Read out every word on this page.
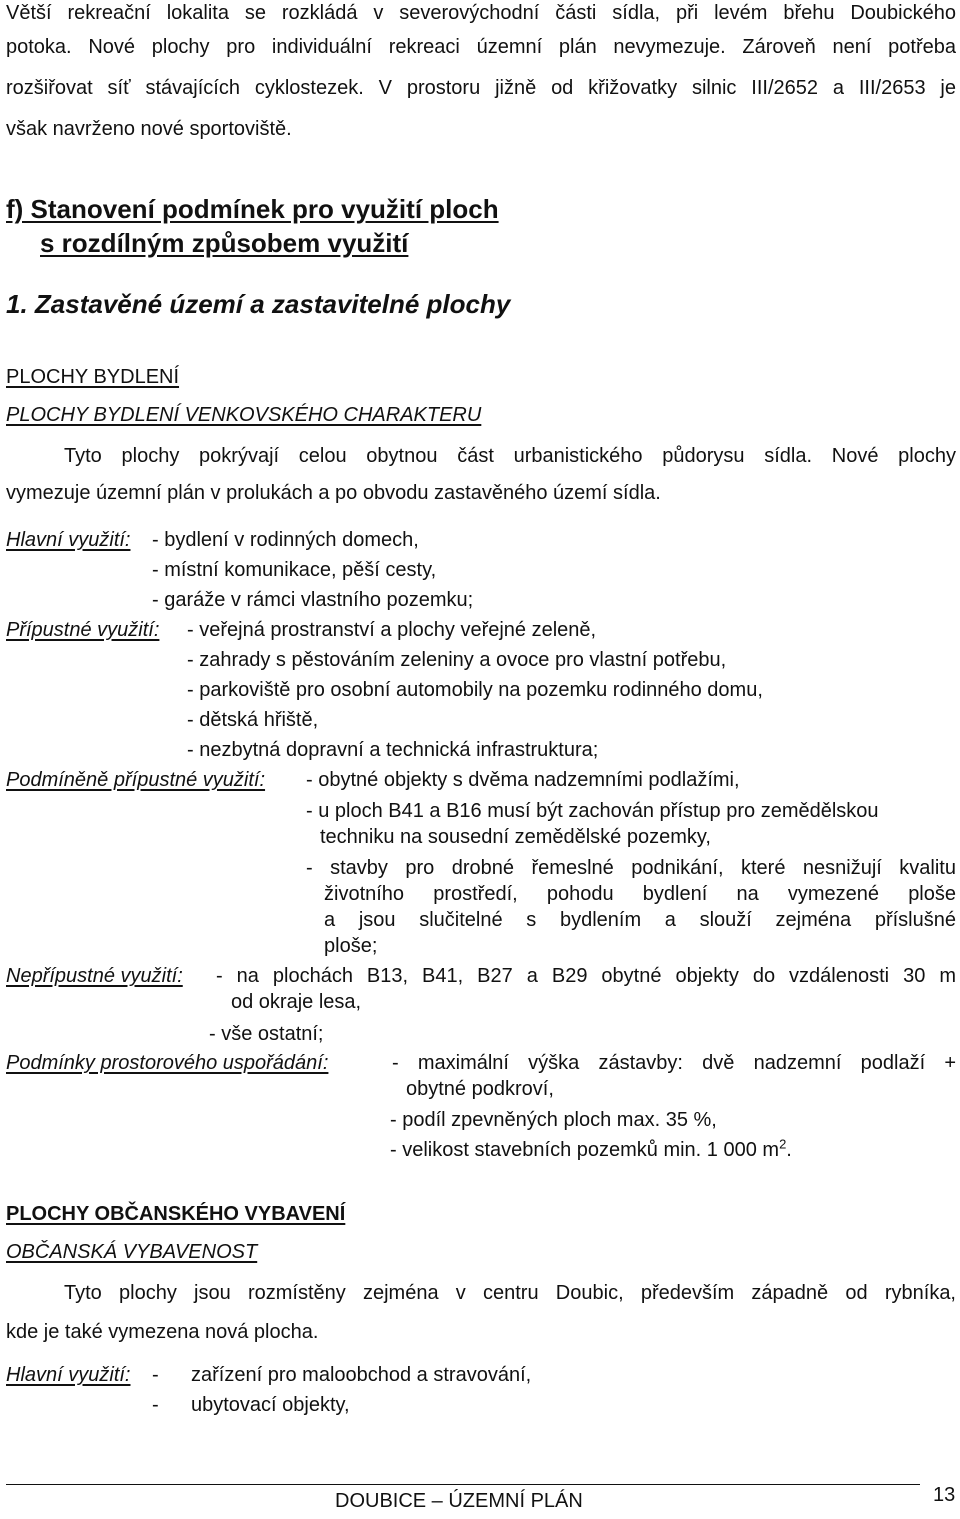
Větší rekreační lokalita se rozkládá v severovýchodní části sídla, při levém břehu Doubického
potoka. Nové plochy pro individuální rekreaci územní plán nevymezuje. Zároveň není potřeba
rozšiřovat síť stávajících cyklostezek. V prostoru jižně od křižovatky silnic III/2652 a III/2653 je
však navrženo nové sportoviště.
f) Stanovení podmínek pro využití ploch
s rozdílným způsobem využití
1. Zastavěné území a zastavitelné plochy
PLOCHY BYDLENÍ
PLOCHY BYDLENÍ VENKOVSKÉHO CHARAKTERU
Tyto plochy pokrývají celou obytnou část urbanistického půdorysu sídla. Nové plochy
vymezuje územní plán v prolukách a po obvodu zastavěného území sídla.
Hlavní využití: - bydlení v rodinných domech,
- místní komunikace, pěší cesty,
- garáže v rámci vlastního pozemku;
Přípustné využití: - veřejná prostranství a plochy veřejné zeleně,
- zahrady s pěstováním zeleniny a ovoce pro vlastní potřebu,
- parkoviště pro osobní automobily na pozemku rodinného domu,
- dětská hřiště,
- nezbytná dopravní a technická infrastruktura;
Podmíněně přípustné využití: - obytné objekty s dvěma nadzemními podlažími,
- u ploch B41 a B16 musí být zachován přístup pro zemědělskou
techniku na sousední zemědělské pozemky,
- stavby pro drobné řemeslné podnikání, které nesnižují kvalitu
životního prostředí, pohodu bydlení na vymezené ploše
a jsou slučitelné s bydlením a slouží zejména příslušné
ploše;
Nepřípustné využití: - na plochách B13, B41, B27 a B29 obytné objekty do vzdálenosti 30 m
od okraje lesa,
- vše ostatní;
Podmínky prostorového uspořádání:	- maximální výška zástavby: dvě nadzemní podlaží +
obytné podkroví,
- podíl zpevněných ploch max. 35 %,
- velikost stavebních pozemků min. 1 000 $m^2$.
PLOCHY OBČANSKÉHO VYBAVENÍ
OBČANSKÁ VYBAVENOST
Tyto plochy jsou rozmístěny zejména v centru Doubic, především západně od rybníka,
kde je také vymezena nová plocha.
Hlavní využití: - zařízení pro maloobchod a stravování,
- ubytovací objekty,
DOUBICE – ÚZEMNÍ PLÁN	13
